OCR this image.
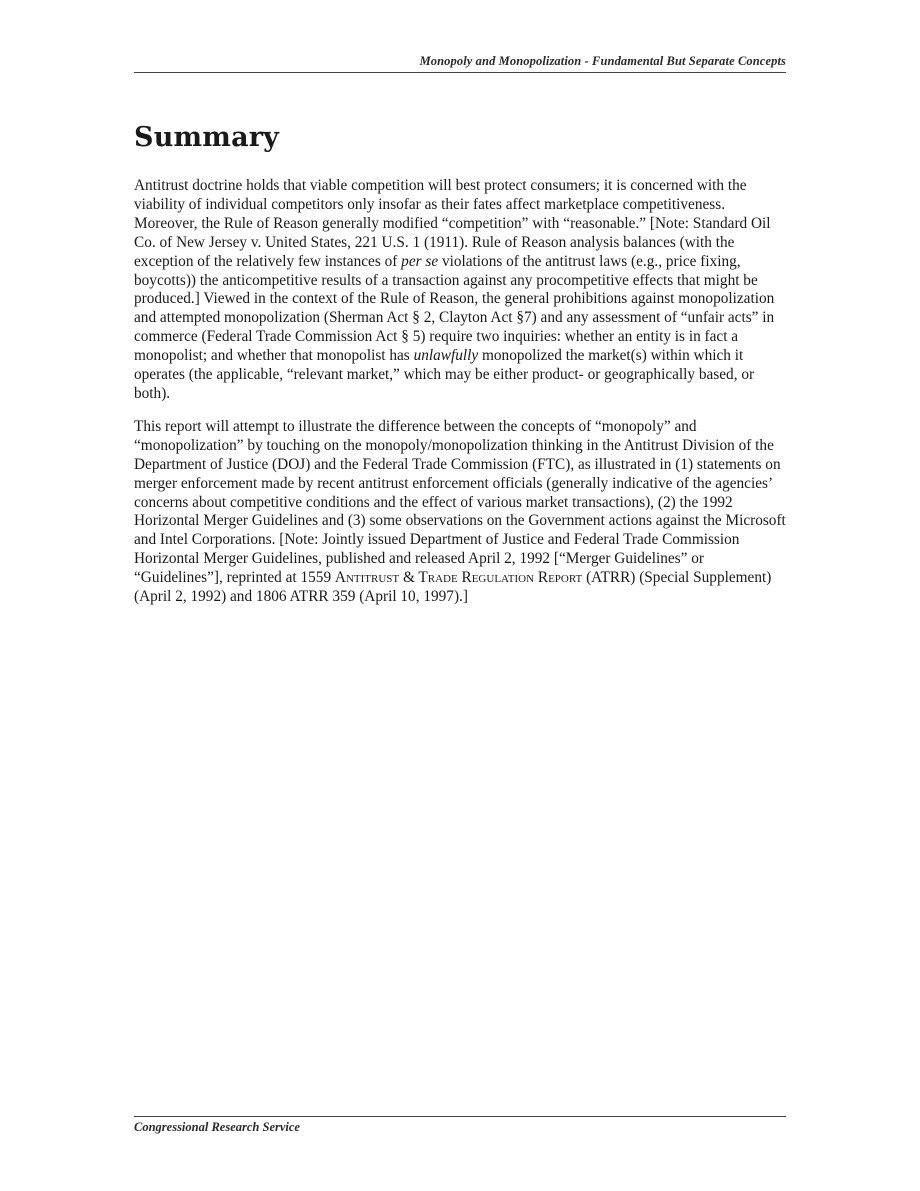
Monopoly and Monopolization - Fundamental But Separate Concepts
Summary

Antitrust doctrine holds that viable competition will best protect consumers; it is concerned with the viability of individual competitors only insofar as their fates affect marketplace competitiveness. Moreover, the Rule of Reason generally modified “competition” with “reasonable.” [Note: Standard Oil Co. of New Jersey v. United States, 221 U.S. 1 (1911). Rule of Reason analysis balances (with the exception of the relatively few instances of per se violations of the antitrust laws (e.g., price fixing, boycotts)) the anticompetitive results of a transaction against any procompetitive effects that might be produced.] Viewed in the context of the Rule of Reason, the general prohibitions against monopolization and attempted monopolization (Sherman Act § 2, Clayton Act §7) and any assessment of “unfair acts” in commerce (Federal Trade Commission Act § 5) require two inquiries: whether an entity is in fact a monopolist; and whether that monopolist has unlawfully monopolized the market(s) within which it operates (the applicable, “relevant market,” which may be either product- or geographically based, or both).

This report will attempt to illustrate the difference between the concepts of “monopoly” and “monopolization” by touching on the monopoly/monopolization thinking in the Antitrust Division of the Department of Justice (DOJ) and the Federal Trade Commission (FTC), as illustrated in (1) statements on merger enforcement made by recent antitrust enforcement officials (generally indicative of the agencies’ concerns about competitive conditions and the effect of various market transactions), (2) the 1992 Horizontal Merger Guidelines and (3) some observations on the Government actions against the Microsoft and Intel Corporations. [Note: Jointly issued Department of Justice and Federal Trade Commission Horizontal Merger Guidelines, published and released April 2, 1992 [“Merger Guidelines” or “Guidelines”], reprinted at 1559 Antitrust & Trade Regulation Report (ATRR) (Special Supplement) (April 2, 1992) and 1806 ATRR 359 (April 10, 1997).]

Congressional Research Service
